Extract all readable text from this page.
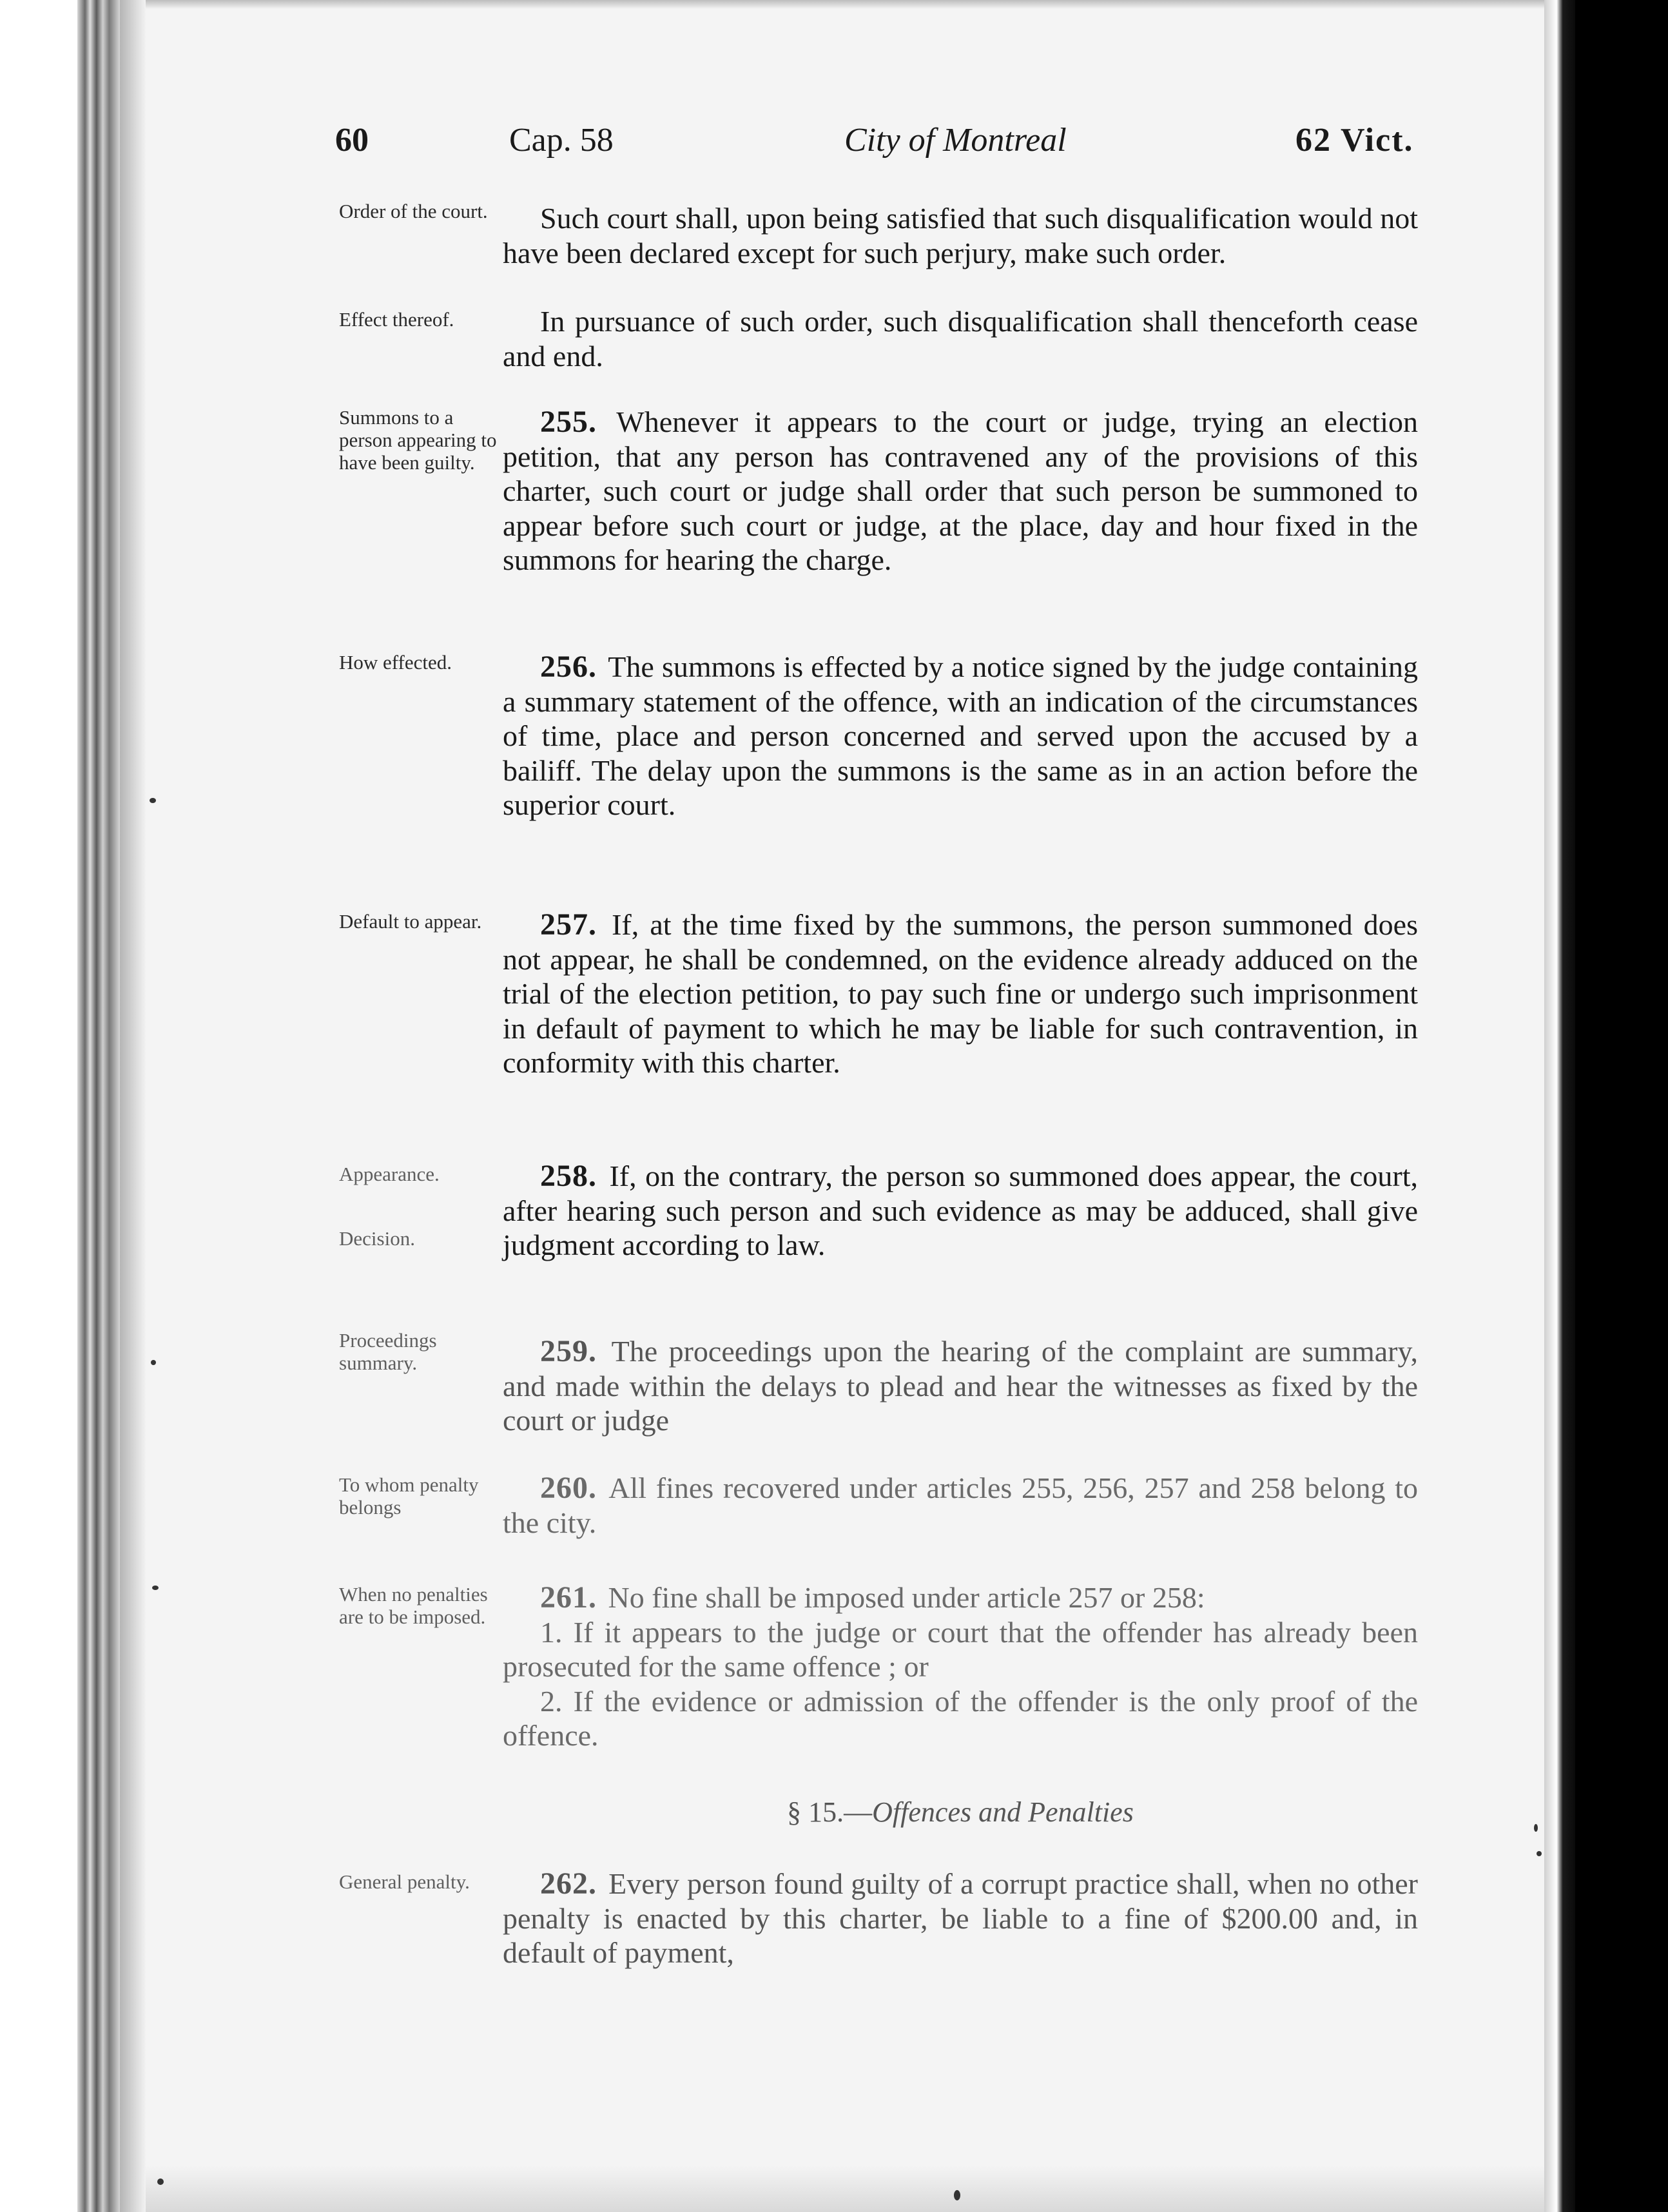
60	Cap. 58	City of Montreal	62 Vict.
Order of the court.
Effect thereof.
Summons to a person appearing to have been guilty.
How effected.
Default to appear.
Appearance.
Decision.
Proceedings summary.
To whom penalty belongs
When no penalties are to be imposed.
General penalty.

Such court shall, upon being satisfied that such disqualification would not have been declared except for such perjury, make such order.

In pursuance of such order, such disqualification shall thenceforth cease and end.

255. Whenever it appears to the court or judge, trying an election petition, that any person has contravened any of the provisions of this charter, such court or judge shall order that such person be summoned to appear before such court or judge, at the place, day and hour fixed in the summons for hearing the charge.

256. The summons is effected by a notice signed by the judge containing a summary statement of the offence, with an indication of the circumstances of time, place and person concerned and served upon the accused by a bailiff. The delay upon the summons is the same as in an action before the superior court.

257. If, at the time fixed by the summons, the person summoned does not appear, he shall be condemned, on the evidence already adduced on the trial of the election petition, to pay such fine or undergo such imprisonment in default of payment to which he may be liable for such contravention, in conformity with this charter.

258. If, on the contrary, the person so summoned does appear, the court, after hearing such person and such evidence as may be adduced, shall give judgment according to law.

259. The proceedings upon the hearing of the complaint are summary, and made within the delays to plead and hear the witnesses as fixed by the court or judge

260. All fines recovered under articles 255, 256, 257 and 258 belong to the city.

261. No fine shall be imposed under article 257 or 258:

1. If it appears to the judge or court that the offender has already been prosecuted for the same offence ; or

2. If the evidence or admission of the offender is the only proof of the offence.

§ 15.—Offences and Penalties

262. Every person found guilty of a corrupt practice shall, when no other penalty is enacted by this charter, be liable to a fine of $200.00 and, in default of payment,
